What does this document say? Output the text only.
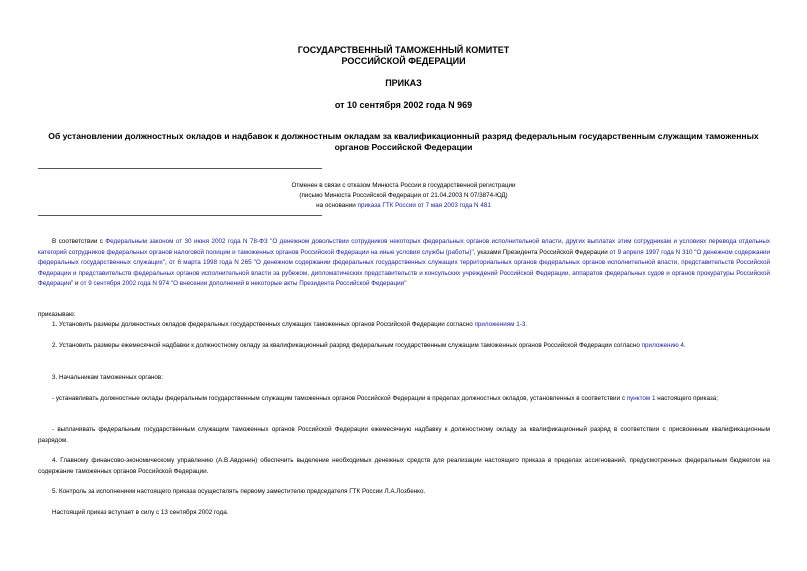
ГОСУДАРСТВЕННЫЙ ТАМОЖЕННЫЙ КОМИТЕТ
РОССИЙСКОЙ ФЕДЕРАЦИИ
ПРИКАЗ
от 10 сентября 2002 года N 969
Об установлении должностных окладов и надбавок к должностным окладам за квалификационный разряд федеральным государственным служащим таможенных
органов Российской Федерации
Отменен в связи с отказом Минюста России в государственной регистрации
(письмо Минюста Российской Федерации от 21.04.2003 N 07/3874-ЮД)
на основании приказа ГТК России от 7 мая 2003 года N 481
В соответствии с Федеральным законом от 30 июня 2002 года N 78-ФЗ "О денежном довольствии сотрудников некоторых федеральных органов исполнительной власти, других выплатах этим сотрудникам и условиях перевода отдельных категорий сотрудников федеральных органов налоговой полиции и таможенных органов Российской Федерации на иные условия службы (работы)", указами Президента Российской Федерации от 9 апреля 1997 года N 310 "О денежном содержании федеральных государственных служащих", от 6 марта 1998 года N 265 "О денежном содержании федеральных государственных служащих территориальных органов федеральных органов исполнительной власти, представительств Российской Федерации и представительств федеральных органов исполнительной власти за рубежом, дипломатических представительств и консульских учреждений Российской Федерации, аппаратов федеральных судов и органов прокуратуры Российской Федерации" и от 9 сентября 2002 года N 974 "О внесении дополнений в некоторые акты Президента Российской Федерации"
приказываю:
1. Установить размеры должностных окладов федеральных государственных служащих таможенных органов Российской Федерации согласно приложениям 1-3.
2. Установить размеры ежемесячной надбавки к должностному окладу за квалификационный разряд федеральным государственным служащим таможенных органов Российской Федерации согласно приложению 4.
3. Начальникам таможенных органов:
- устанавливать должностные оклады федеральным государственным служащим таможенных органов Российской Федерации в пределах должностных окладов, установленных в соответствии с пунктом 1 настоящего приказа;
- выплачивать федеральным государственным служащим таможенных органов Российской Федерации ежемесячную надбавку к должностному окладу за квалификационный разряд в соответствии с присвоенным квалификационным разрядом.
4. Главному финансово-экономическому управлению (А.В.Авдонин) обеспечить выделение необходимых денежных средств для реализации настоящего приказа в пределах ассигнований, предусмотренных федеральным бюджетом на содержание таможенных органов Российской Федерации.
5. Контроль за исполнением настоящего приказа осуществлять первому заместителю председателя ГТК России Л.А.Лозбенко.
Настоящий приказ вступает в силу с 13 сентября 2002 года.
